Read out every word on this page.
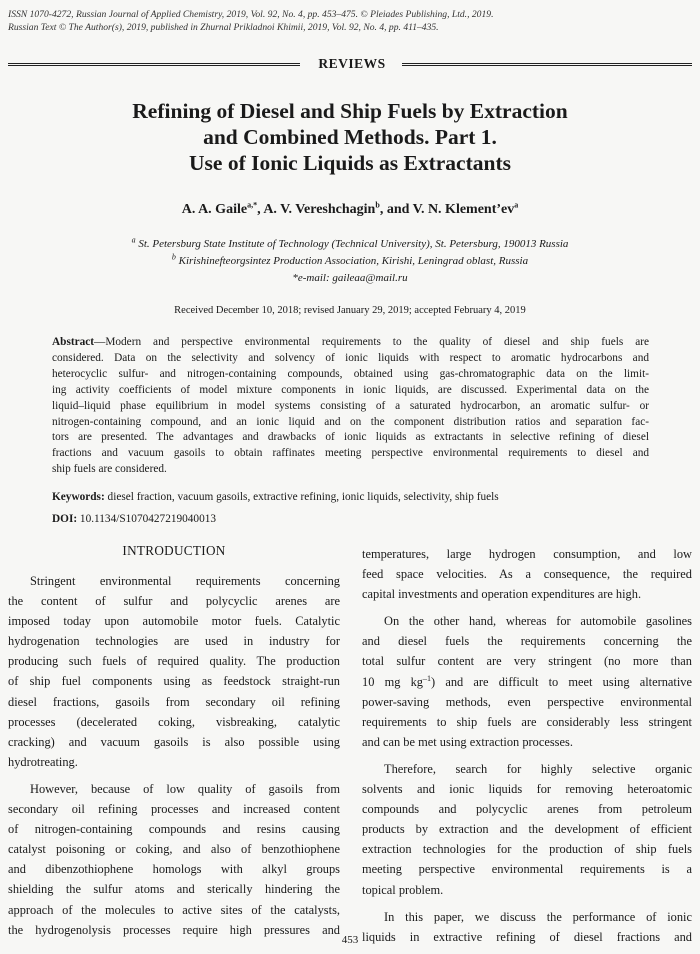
ISSN 1070-4272, Russian Journal of Applied Chemistry, 2019, Vol. 92, No. 4, pp. 453–475. © Pleiades Publishing, Ltd., 2019.
Russian Text © The Author(s), 2019, published in Zhurnal Prikladnoi Khimii, 2019, Vol. 92, No. 4, pp. 411–435.
REVIEWS
Refining of Diesel and Ship Fuels by Extraction
and Combined Methods. Part 1.
Use of Ionic Liquids as Extractants
A. A. Gaile$^{a,*}$, A. V. Vereshchagin$^b$, and V. N. $Klement’ev^a$
$^a$ St. Petersburg State Institute of Technology (Technical University), St. Petersburg, 190013 Russia
$^b$ Kirishinefteorgsintez Production Association, Kirishi, Leningrad oblast, Russia
*e-mail: gaileaa@mail.ru
Received December 10, 2018; revised January 29, 2019; accepted February 4, 2019
Abstract—Modern and perspective environmental requirements to the quality of diesel and ship fuels are
considered. Data on the selectivity and solvency of ionic liquids with respect to aromatic hydrocarbons and
heterocyclic sulfur- and nitrogen-containing compounds, obtained using gas-chromatographic data on the limit-
ing activity coefficients of model mixture components in ionic liquids, are discussed. Experimental data on the
liquid–liquid phase equilibrium in model systems consisting of a saturated hydrocarbon, an aromatic sulfur- or
nitrogen-containing compound, and an ionic liquid and on the component distribution ratios and separation fac-
tors are presented. The advantages and drawbacks of ionic liquids as extractants in selective refining of diesel
fractions and vacuum gasoils to obtain raffinates meeting perspective environmental requirements to diesel and
ship fuels are considered.
Keywords: diesel fraction, vacuum gasoils, extractive refining, ionic liquids, selectivity, ship fuels
DOI: 10.1134/S1070427219040013
INTRODUCTION
Stringent environmental requirements concerning
the content of sulfur and polycyclic arenes are
imposed today upon automobile motor fuels. Catalytic
hydrogenation technologies are used in industry for
producing such fuels of required quality. The production
of ship fuel components using as feedstock straight-run
diesel fractions, gasoils from secondary oil refining
processes (decelerated coking, visbreaking, catalytic
cracking) and vacuum gasoils is also possible using
hydrotreating.
However, because of low quality of gasoils from
secondary oil refining processes and increased content
of nitrogen-containing compounds and resins causing
catalyst poisoning or coking, and also of benzothiophene
and dibenzothiophene homologs with alkyl groups
shielding the sulfur atoms and sterically hindering the
approach of the molecules to active sites of the catalysts,
the hydrogenolysis processes require high pressures and
temperatures, large hydrogen consumption, and low
feed space velocities. As a consequence, the required
capital investments and operation expenditures are high.
On the other hand, whereas for automobile gasolines
and diesel fuels the requirements concerning the
total sulfur content are very stringent (no more than
10 mg $kg^{-1}$) and are difficult to meet using alternative
power-saving methods, even perspective environmental
requirements to ship fuels are considerably less stringent
and can be met using extraction processes.
Therefore, search for highly selective organic
solvents and ionic liquids for removing heteroatomic
compounds and polycyclic arenes from petroleum
products by extraction and the development of efficient
extraction technologies for the production of ship fuels
meeting perspective environmental requirements is a
topical problem.
In this paper, we discuss the performance of ionic
liquids in extractive refining of diesel fractions and
453
